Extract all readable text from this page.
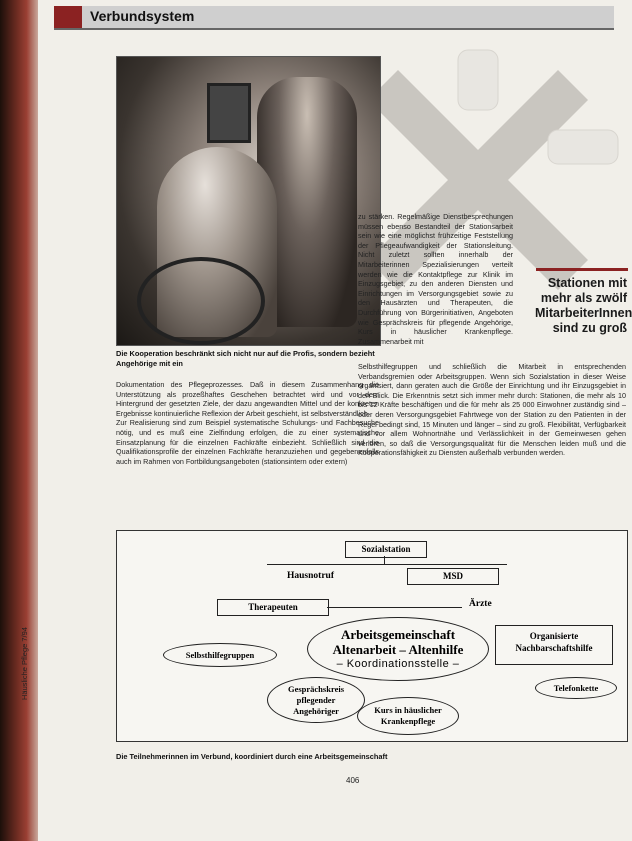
Verbundsystem
Die Kooperation beschränkt sich nicht nur auf die Profis, sondern bezieht Angehörige mit ein

Dokumentation des Pflegeprozesses. Daß in diesem Zusammenhang die Unterstützung als prozeßhaftes Geschehen betrachtet wird und vor dem Hintergrund der gesetzten Ziele, der dazu angewandten Mittel und der konkreten Ergebnisse kontinuierliche Reflexion der Arbeit geschieht, ist selbstverständlich.

Zur Realisierung sind zum Beispiel systematische Schulungs- und Fachbesuche nötig, und es muß eine Zielfindung erfolgen, die zu einer systematische Einsatzplanung für die einzelnen Fachkräfte einbezieht. Schließlich sind die Qualifikationsprofile der einzelnen Fachkräfte heranzuziehen und gegebenenfalls auch im Rahmen von Fortbildungsangeboten (stationsintern oder extern)

zu stärken. Regelmäßige Dienstbesprechungen müssen ebenso Bestandteil der Stationsarbeit sein wie eine möglichst frühzeitige Feststellung der Pflegeaufwandigkeit der Stationsleitung. Nicht zuletzt sollten innerhalb der Mitarbeiterinnen Spezialisierungen verteilt werden wie die Kontaktpflege zur Klinik im Einzugsgebiet, zu den anderen Diensten und Einrichtungen im Versorgungsgebiet sowie zu den Hausärzten und Therapeuten, die Durchführung von Bürgerinitiativen, Angeboten wie Gesprächskreis für pflegende Angehörige, Kurs in häuslicher Krankenpflege. Zusammenarbeit mit
Selbsthilfegruppen und schließlich die Mitarbeit in entsprechenden Verbandsgremien oder Arbeitsgruppen. Wenn sich Sozialstation in dieser Weise organisiert, dann geraten auch die Größe der Einrichtung und ihr Einzugsgebiet in den Blick. Die Erkenntnis setzt sich immer mehr durch: Stationen, die mehr als 10 bis 12 Kräfte beschäftigen und die für mehr als 25 000 Einwohner zuständig sind – oder deren Versorgungsgebiet Fahrtwege von der Station zu den Patienten in der Regel bedingt sind, 15 Minuten und länger – sind zu groß. Flexibilität, Verfügbarkeit und vor allem Wohnortnähe und Verlässlichkeit in der Gemeinwesen gehen verloren, so daß die Versorgungsqualität für die Menschen leiden muß und die Kooperationsfähigkeit zu Diensten außerhalb verbunden werden.
Stationen mit mehr als zwölf MitarbeiterInnen sind zu groß
Sozialstation
Hausnotruf	MSD
Therapeuten	Ärzte
Arbeitsgemeinschaft
Altenarbeit – Altenhilfe
– Koordinationsstelle –
Selbsthilfegruppen
Organisierte
Nachbarschaftshilfe
Gesprächskreis
pflegender
Angehöriger
Telefonkette
Kurs in häuslicher
Krankenpflege
Die Teilnehmerinnen im Verbund, koordiniert durch eine Arbeitsgemeinschaft
406
Häusliche Pflege 7/94
